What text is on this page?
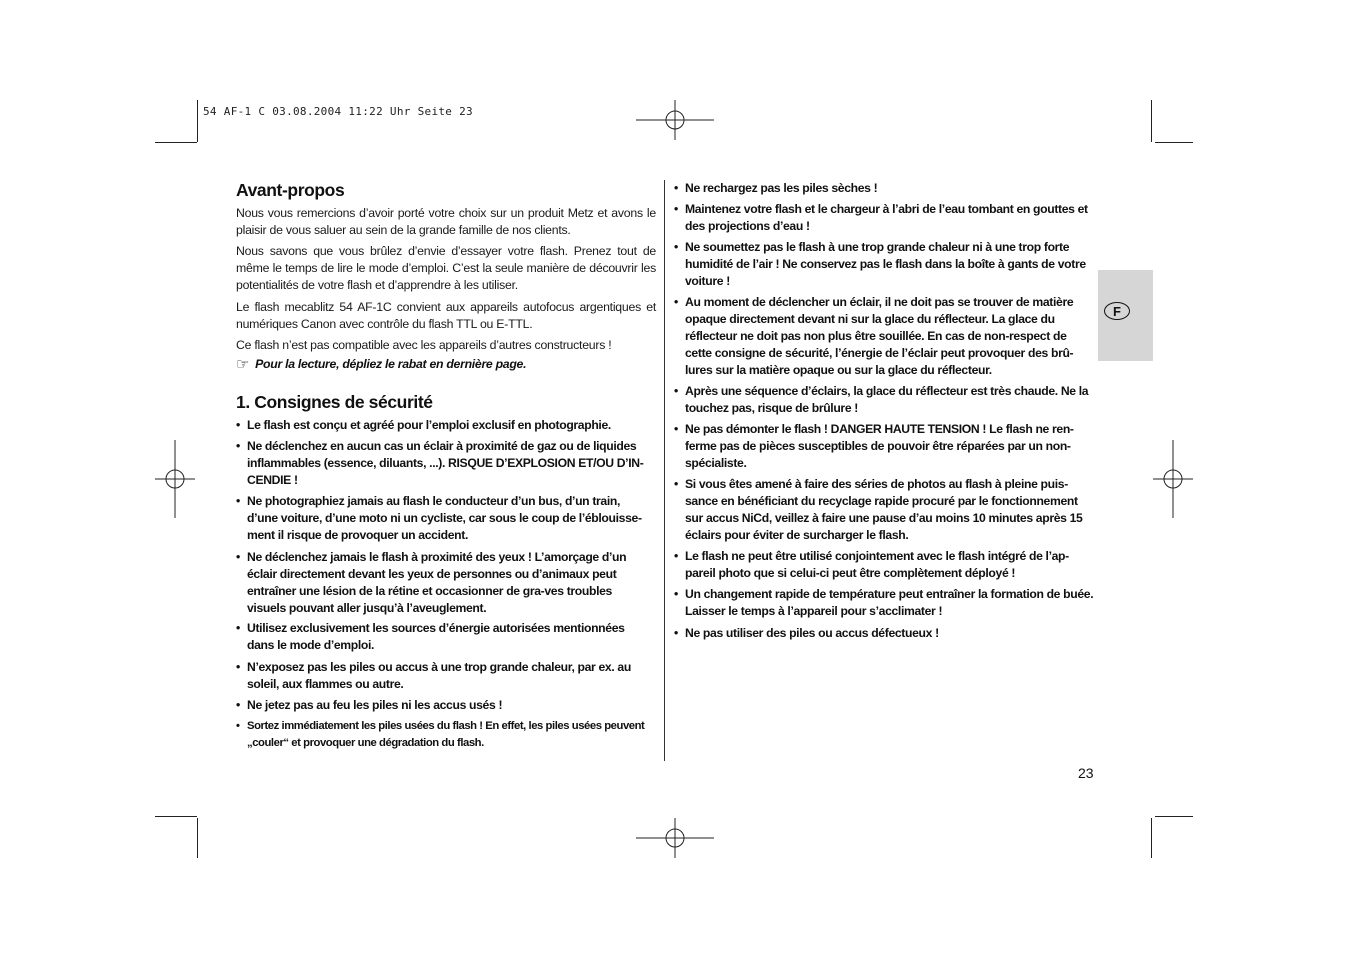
54 AF-1 C 03.08.2004 11:22 Uhr Seite 23
F
Avant-propos

Nous vous remercions d’avoir porté votre choix sur un produit Metz et avons le plaisir de vous saluer au sein de la grande famille de nos clients.

Nous savons que vous brûlez d’envie d’essayer votre flash. Prenez tout de même le temps de lire le mode d’emploi. C’est la seule manière de découvrir les potentialités de votre flash et d’apprendre à les utiliser.

Le flash mecablitz 54 AF-1C convient aux appareils autofocus argentiques et numériques Canon avec contrôle du flash TTL ou E-TTL.

Ce flash n’est pas compatible avec les appareils d’autres constructeurs !

☞ Pour la lecture, dépliez le rabat en dernière page.
1. Consignes de sécurité
• Le flash est conçu et agréé pour l’emploi exclusif en photographie.
• Ne déclenchez en aucun cas un éclair à proximité de gaz ou de liquides inflammables (essence, diluants, ...). RISQUE D’EXPLOSION ET/OU D’IN-CENDIE !
• Ne photographiez jamais au flash le conducteur d’un bus, d’un train, d’une voiture, d’une moto ni un cycliste, car sous le coup de l’éblouisse-ment il risque de provoquer un accident.
• Ne déclenchez jamais le flash à proximité des yeux ! L’amorçage d’un éclair directement devant les yeux de personnes ou d’animaux peut entraîner une lésion de la rétine et occasionner de gra-ves troubles visuels pouvant aller jusqu’à l’aveuglement.
• Utilisez exclusivement les sources d’énergie autorisées mentionnées dans le mode d’emploi.
• N’exposez pas les piles ou accus à une trop grande chaleur, par ex. au soleil, aux flammes ou autre.
• Ne jetez pas au feu les piles ni les accus usés !
• Sortez immédiatement les piles usées du flash ! En effet, les piles usées peuvent „couler“ et provoquer une dégradation du flash.
• Ne rechargez pas les piles sèches !
• Maintenez votre flash et le chargeur à l’abri de l’eau tombant en gouttes et des projections d’eau !
• Ne soumettez pas le flash à une trop grande chaleur ni à une trop forte humidité de l’air ! Ne conservez pas le flash dans la boîte à gants de votre voiture !
• Au moment de déclencher un éclair, il ne doit pas se trouver de matière opaque directement devant ni sur la glace du réflecteur. La glace du réflecteur ne doit pas non plus être souillée. En cas de non-respect de cette consigne de sécurité, l’énergie de l’éclair peut provoquer des brû-lures sur la matière opaque ou sur la glace du réflecteur.
• Après une séquence d’éclairs, la glace du réflecteur est très chaude. Ne la touchez pas, risque de brûlure !
• Ne pas démonter le flash ! DANGER HAUTE TENSION ! Le flash ne ren-ferme pas de pièces susceptibles de pouvoir être réparées par un non-spécialiste.
• Si vous êtes amené à faire des séries de photos au flash à pleine puis-sance en bénéficiant du recyclage rapide procuré par le fonctionnement sur accus NiCd, veillez à faire une pause d’au moins 10 minutes après 15 éclairs pour éviter de surcharger le flash.
• Le flash ne peut être utilisé conjointement avec le flash intégré de l’ap-pareil photo que si celui-ci peut être complètement déployé !
• Un changement rapide de température peut entraîner la formation de buée. Laisser le temps à l’appareil pour s’acclimater !
• Ne pas utiliser des piles ou accus défectueux !
23
